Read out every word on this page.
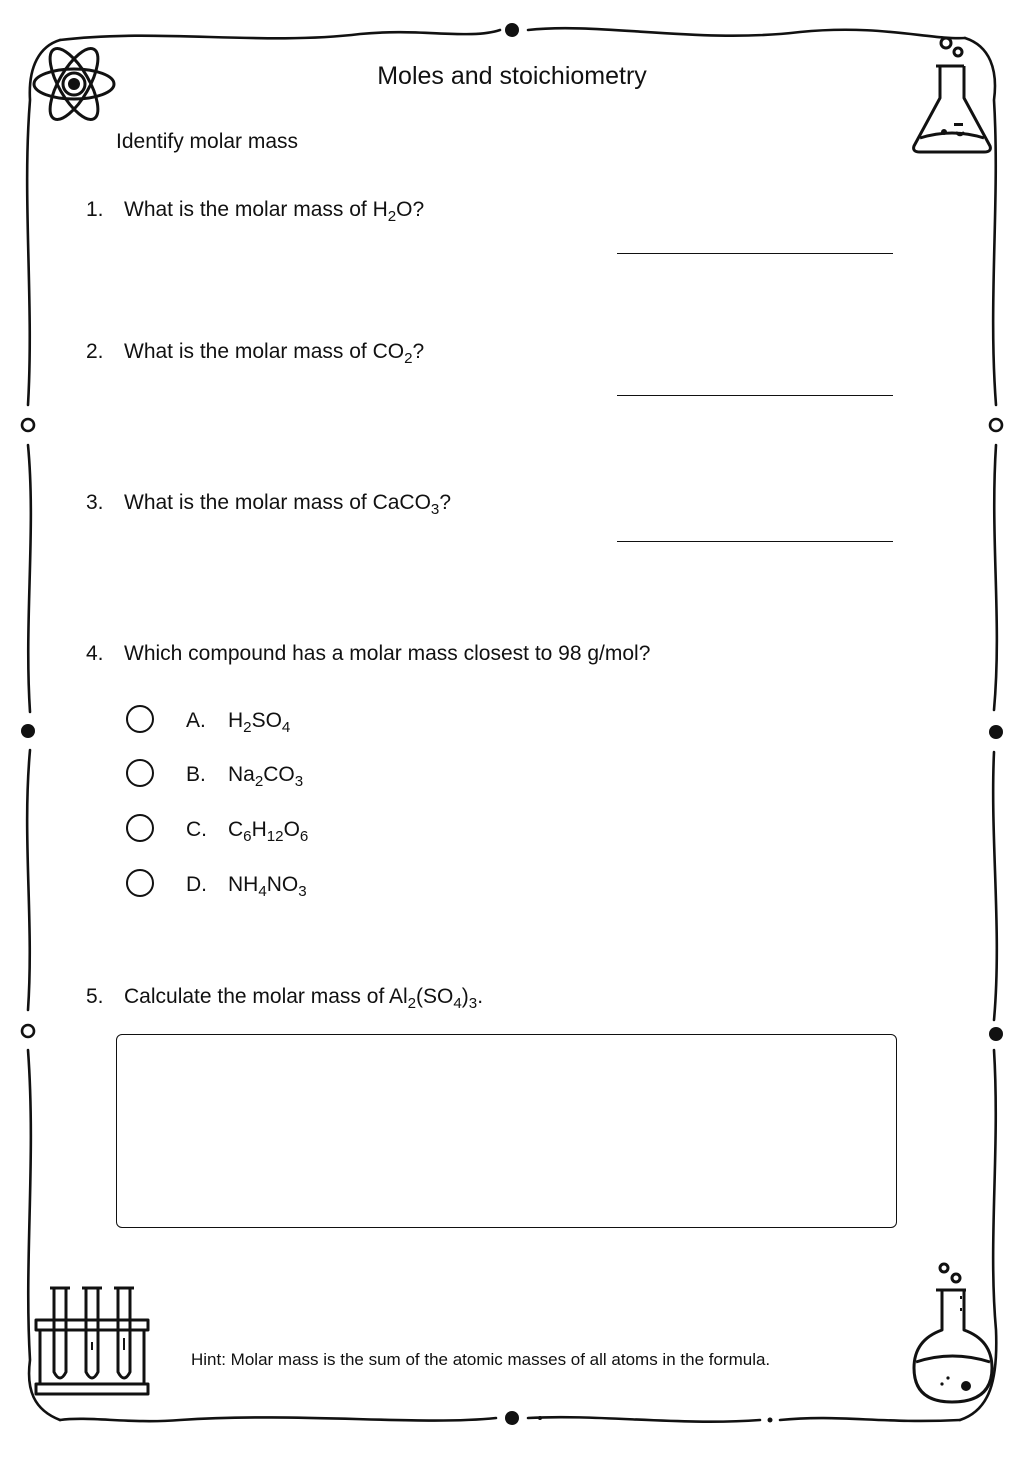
Moles and stoichiometry
Identify molar mass
1. What is the molar mass of $H_2O$?
2. What is the molar mass of $CO_2$?
3. What is the molar mass of CaCO$_3$?
4. Which compound has a molar mass closest to 98 g/mol?
A. $H_2SO_4$
B. $Na_2CO_3$
C. $C_6H_{12}O_6$
D. $NH_4NO_3$
5. Calculate the molar mass of $Al_2(SO_4)_3$.
Hint: Molar mass is the sum of the atomic masses of all atoms in the formula.
